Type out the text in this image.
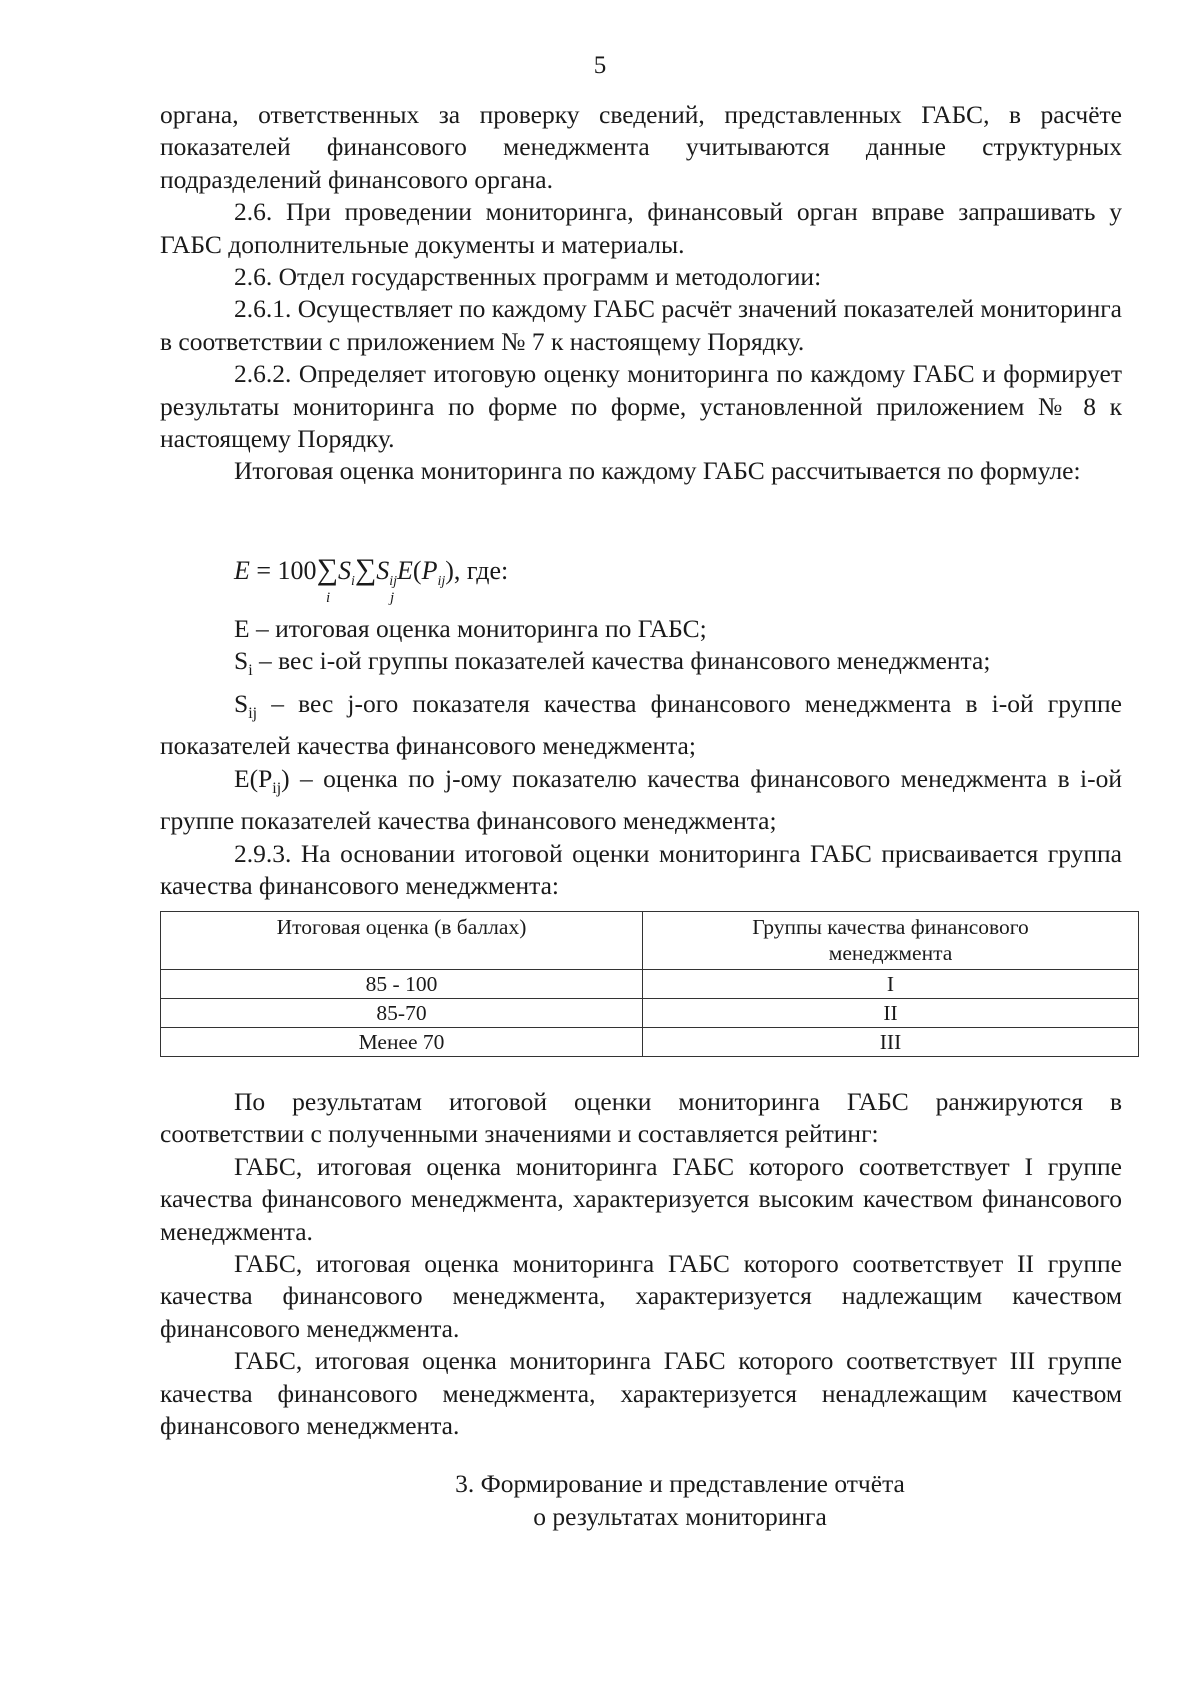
5

органа, ответственных за проверку сведений, представленных ГАБС, в расчёте показателей финансового менеджмента учитываются данные структурных подразделений финансового органа.

2.6. При проведении мониторинга, финансовый орган вправе запрашивать у ГАБС дополнительные документы и материалы.

2.6. Отдел государственных программ и методологии:

2.6.1. Осуществляет по каждому ГАБС расчёт значений показателей мониторинга в соответствии с приложением № 7 к настоящему Порядку.

2.6.2. Определяет итоговую оценку мониторинга по каждому ГАБС и формирует результаты мониторинга по форме по форме, установленной приложением № 8 к настоящему Порядку.

Итоговая оценка мониторинга по каждому ГАБС рассчитывается по формуле:

$E = 100\sum S_i\sum S_{ij}E(P_{ij})$, где:
i	j

Е – итоговая оценка мониторинга по ГАБС;

$S_i$ – вес i-ой группы показателей качества финансового менеджмента;

$S_{ij}$ – вес j-ого показателя качества финансового менеджмента в i-ой группе показателей качества финансового менеджмента;

$E(P_{ij})$ – оценка по j-ому показателю качества финансового менеджмента в i-ой группе показателей качества финансового менеджмента;

2.9.3. На основании итоговой оценки мониторинга ГАБС присваивается группа качества финансового менеджмента:

Итоговая оценка (в баллах)	Группы качества финансового менеджмента

85 - 100	I
85-70	II
Менее 70	III

По результатам итоговой оценки мониторинга ГАБС ранжируются в соответствии с полученными значениями и составляется рейтинг:

ГАБС, итоговая оценка мониторинга ГАБС которого соответствует I группе качества финансового менеджмента, характеризуется высоким качеством финансового менеджмента.

ГАБС, итоговая оценка мониторинга ГАБС которого соответствует II группе качества финансового менеджмента, характеризуется надлежащим качеством финансового менеджмента.

ГАБС, итоговая оценка мониторинга ГАБС которого соответствует III группе качества финансового менеджмента, характеризуется ненадлежащим качеством финансового менеджмента.

3. Формирование и представление отчёта
о результатах мониторинга
